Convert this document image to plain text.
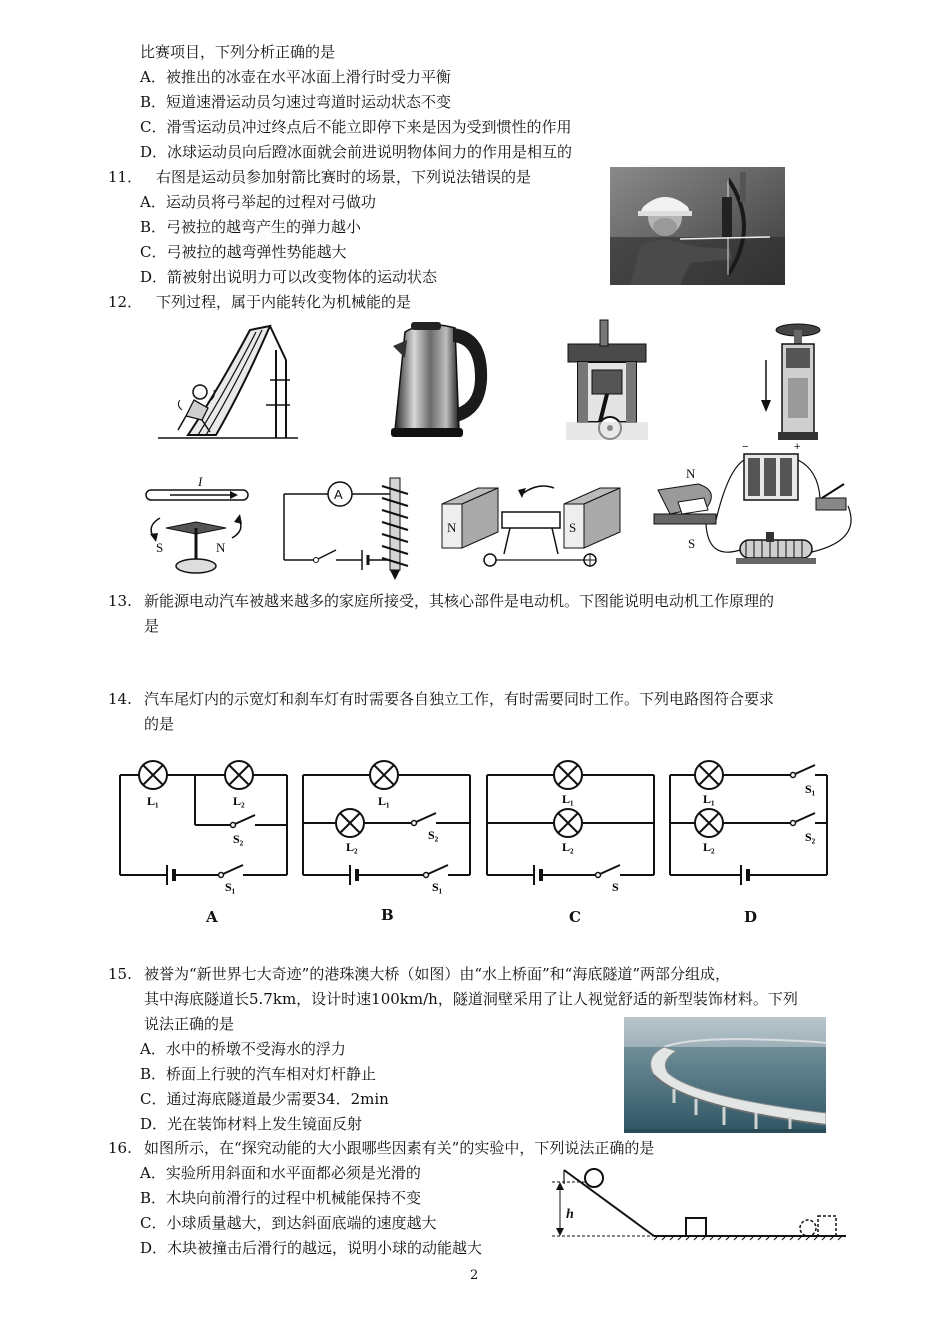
比赛项目，下列分析正确的是
A．被推出的冰壶在水平冰面上滑行时受力平衡
B．短道速滑运动员匀速过弯道时运动状态不变
C．滑雪运动员冲过终点后不能立即停下来是因为受到惯性的作用
D．冰球运动员向后蹬冰面就会前进说明物体间力的作用是相互的
11． 右图是运动员参加射箭比赛时的场景，下列说法错误的是
A．运动员将弓举起的过程对弓做功
B．弓被拉的越弯产生的弹力越小
C．弓被拉的越弯弹性势能越大
D．箭被射出说明力可以改变物体的运动状态
12． 下列过程，属于内能转化为机械能的是
I
S	N
A
N	S
N
S
−	+
13. 新能源电动汽车被越来越多的家庭所接受，其核心部件是电动机。下图能说明电动机工作原理的
是
14. 汽车尾灯内的示宽灯和刹车灯有时需要各自独立工作，有时需要同时工作。下列电路图符合要求
的是
L₁	L₂
S₂
S₁
L₁
L₂
S₂
S₁
L₁
L₂
S
L₁
L₂
S₁
S₂
A	B	C	D
15. 被誉为“新世界七大奇迹”的港珠澳大桥（如图）由“水上桥面”和“海底隧道”两部分组成，
其中海底隧道长5.7km，设计时速100km/h，隧道洞壁采用了让人视觉舒适的新型装饰材料。下列
说法正确的是
A．水中的桥墩不受海水的浮力
B．桥面上行驶的汽车相对灯杆静止
C．通过海底隧道最少需要34．2min
D．光在装饰材料上发生镜面反射
16. 如图所示，在“探究动能的大小跟哪些因素有关”的实验中，下列说法正确的是
A．实验所用斜面和水平面都必须是光滑的
B．木块向前滑行的过程中机械能保持不变
C．小球质量越大，到达斜面底端的速度越大
D．木块被撞击后滑行的越远，说明小球的动能越大
h
2
